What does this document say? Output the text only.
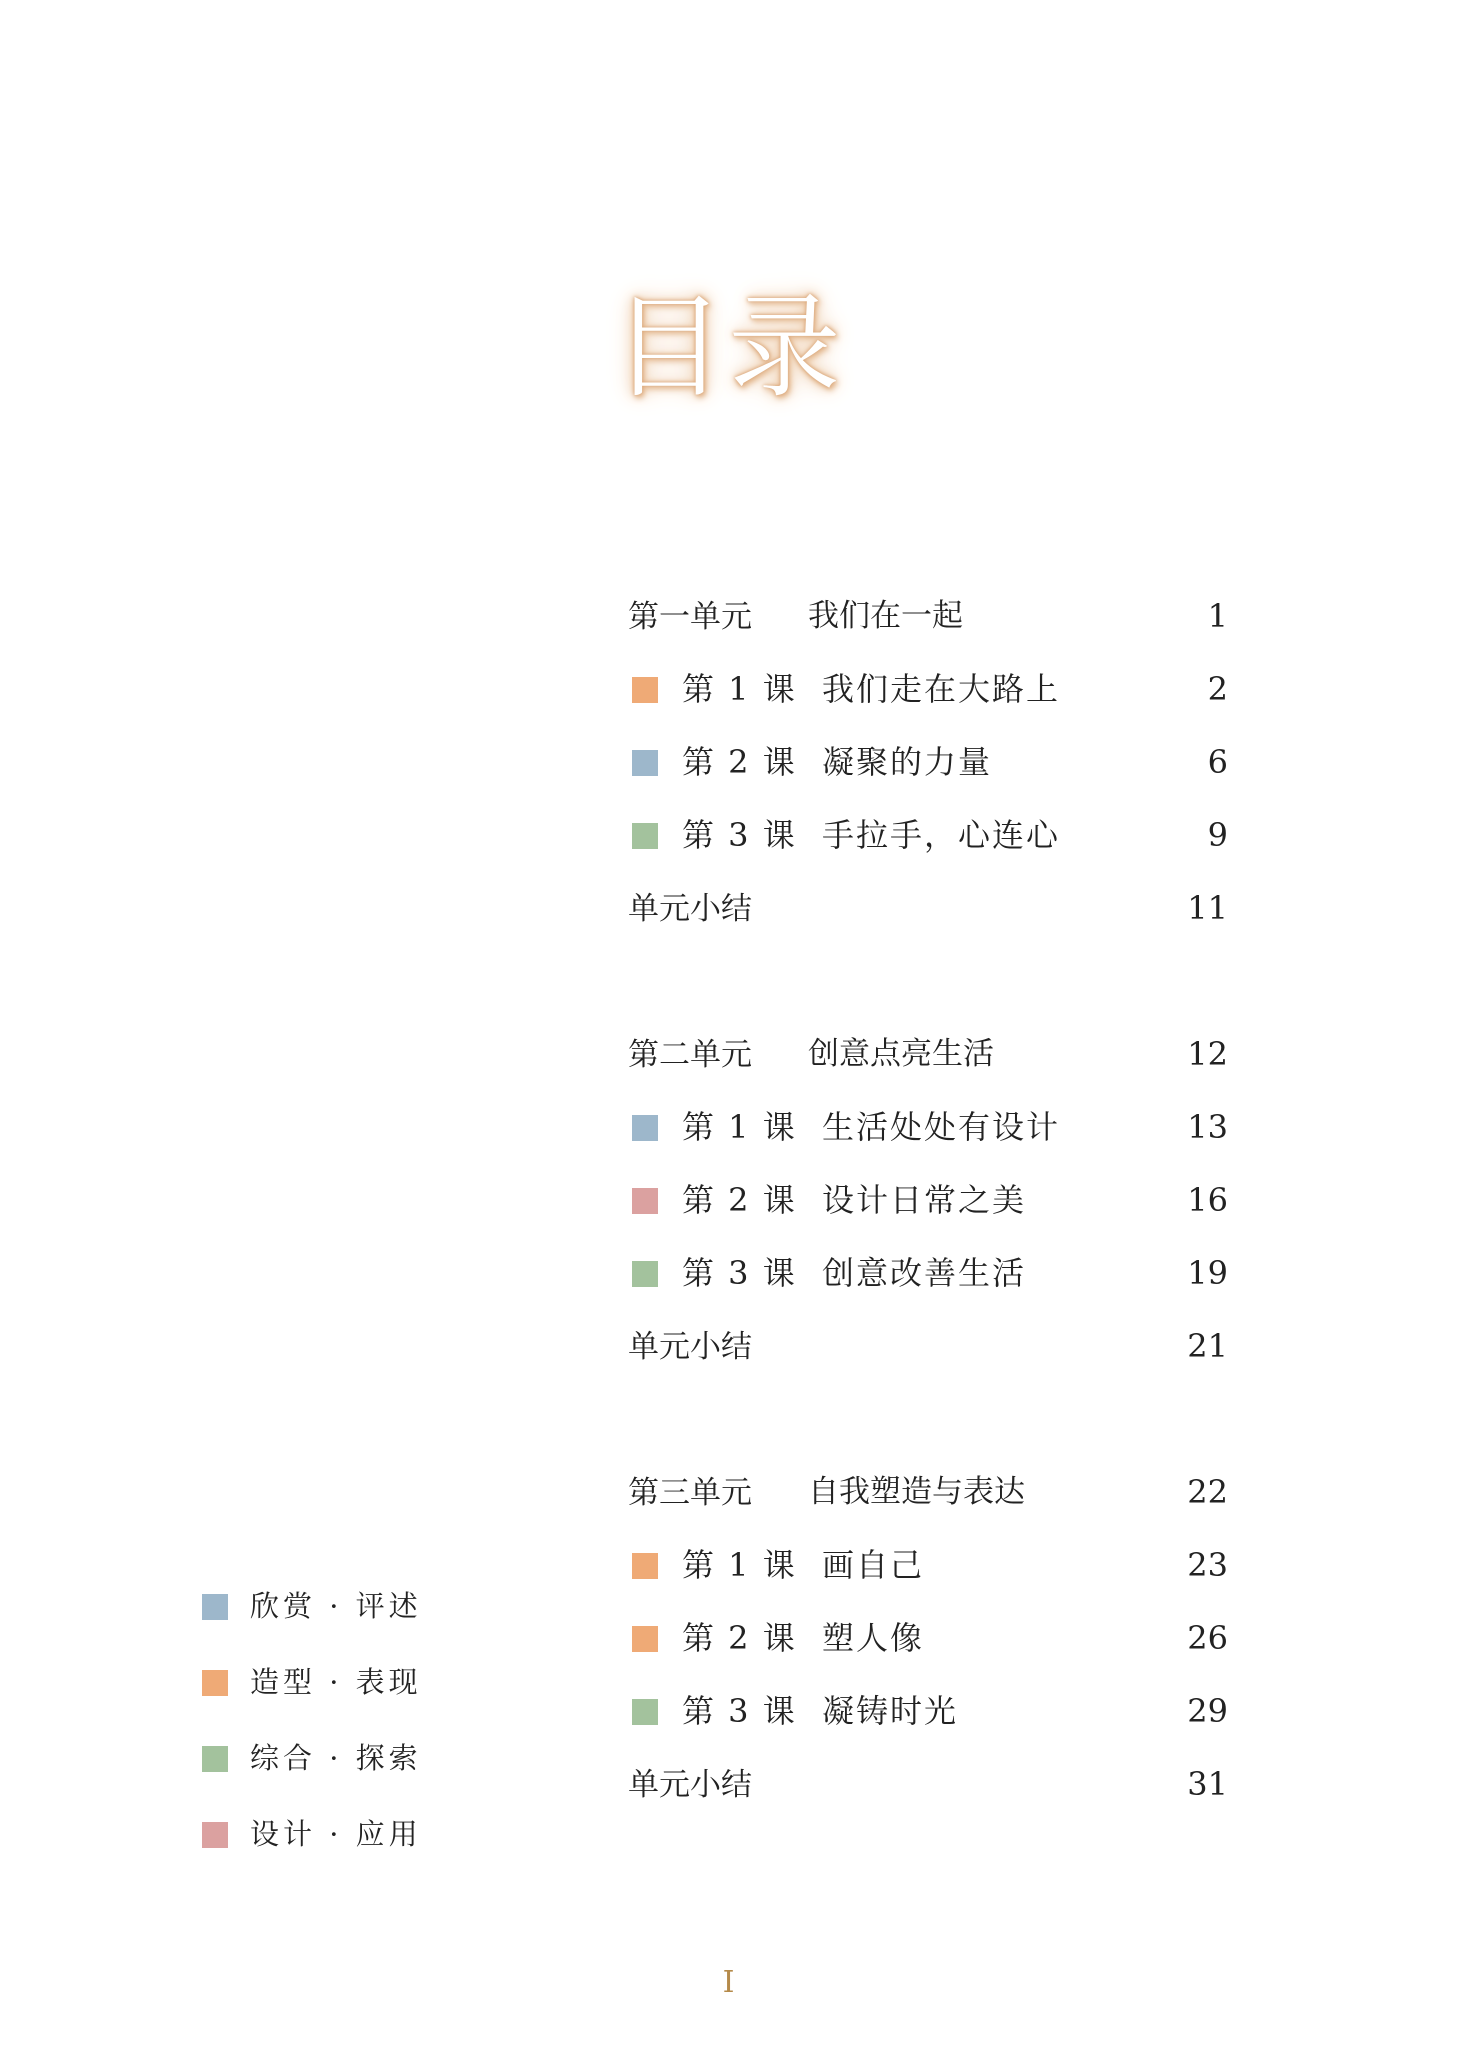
目录
第一单元 我们在一起	1
第 1 课 我们走在大路上	2
第 2 课 凝聚的力量	6
第 3 课 手拉手，心连心	9
单元小结	11
第二单元 创意点亮生活	12
第 1 课 生活处处有设计	13
第 2 课 设计日常之美	16
第 3 课 创意改善生活	19
单元小结	21
第三单元 自我塑造与表达	22
第 1 课 画自己	23
第 2 课 塑人像	26
第 3 课 凝铸时光	29
单元小结	31
欣赏 · 评述
造型 · 表现
综合 · 探索
设计 · 应用
I
